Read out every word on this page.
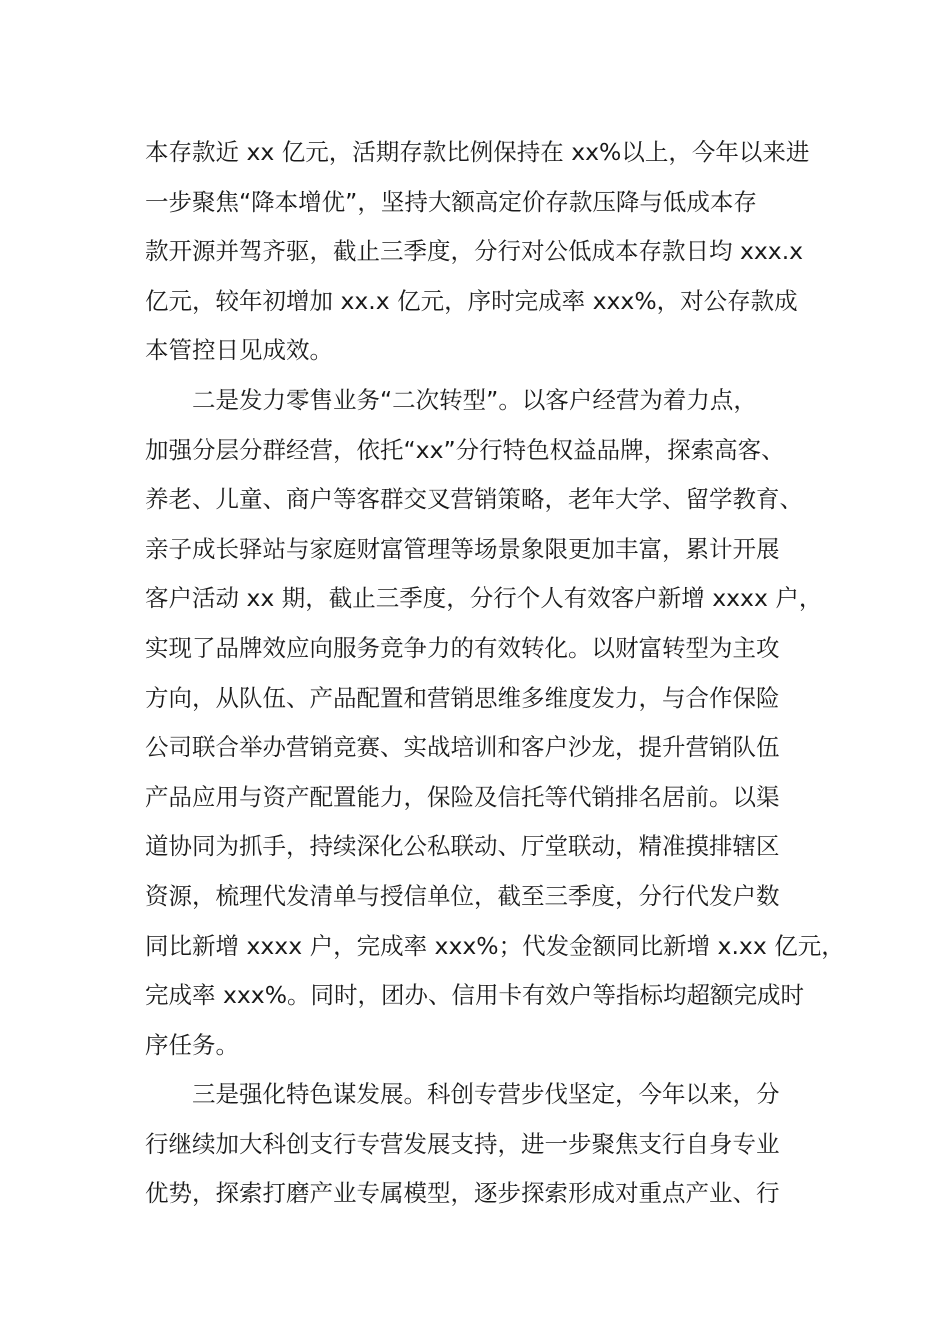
本存款近 xx 亿元，活期存款比例保持在 xx%以上，今年以来进
一步聚焦“降本增优”，坚持大额高定价存款压降与低成本存
款开源并驾齐驱，截止三季度，分行对公低成本存款日均 xxx.x
亿元，较年初增加 xx.x 亿元，序时完成率 xxx%，对公存款成
本管控日见成效。
二是发力零售业务“二次转型”。以客户经营为着力点，
加强分层分群经营，依托“xx”分行特色权益品牌，探索高客、
养老、儿童、商户等客群交叉营销策略，老年大学、留学教育、
亲子成长驿站与家庭财富管理等场景象限更加丰富，累计开展
客户活动 xx 期，截止三季度，分行个人有效客户新增 xxxx 户，
实现了品牌效应向服务竞争力的有效转化。以财富转型为主攻
方向，从队伍、产品配置和营销思维多维度发力，与合作保险
公司联合举办营销竞赛、实战培训和客户沙龙，提升营销队伍
产品应用与资产配置能力，保险及信托等代销排名居前。以渠
道协同为抓手，持续深化公私联动、厅堂联动，精准摸排辖区
资源，梳理代发清单与授信单位，截至三季度，分行代发户数
同比新增 xxxx 户，完成率 xxx%；代发金额同比新增 x.xx 亿元，
完成率 xxx%。同时，团办、信用卡有效户等指标均超额完成时
序任务。
三是强化特色谋发展。科创专营步伐坚定，今年以来，分
行继续加大科创支行专营发展支持，进一步聚焦支行自身专业
优势，探索打磨产业专属模型，逐步探索形成对重点产业、行
